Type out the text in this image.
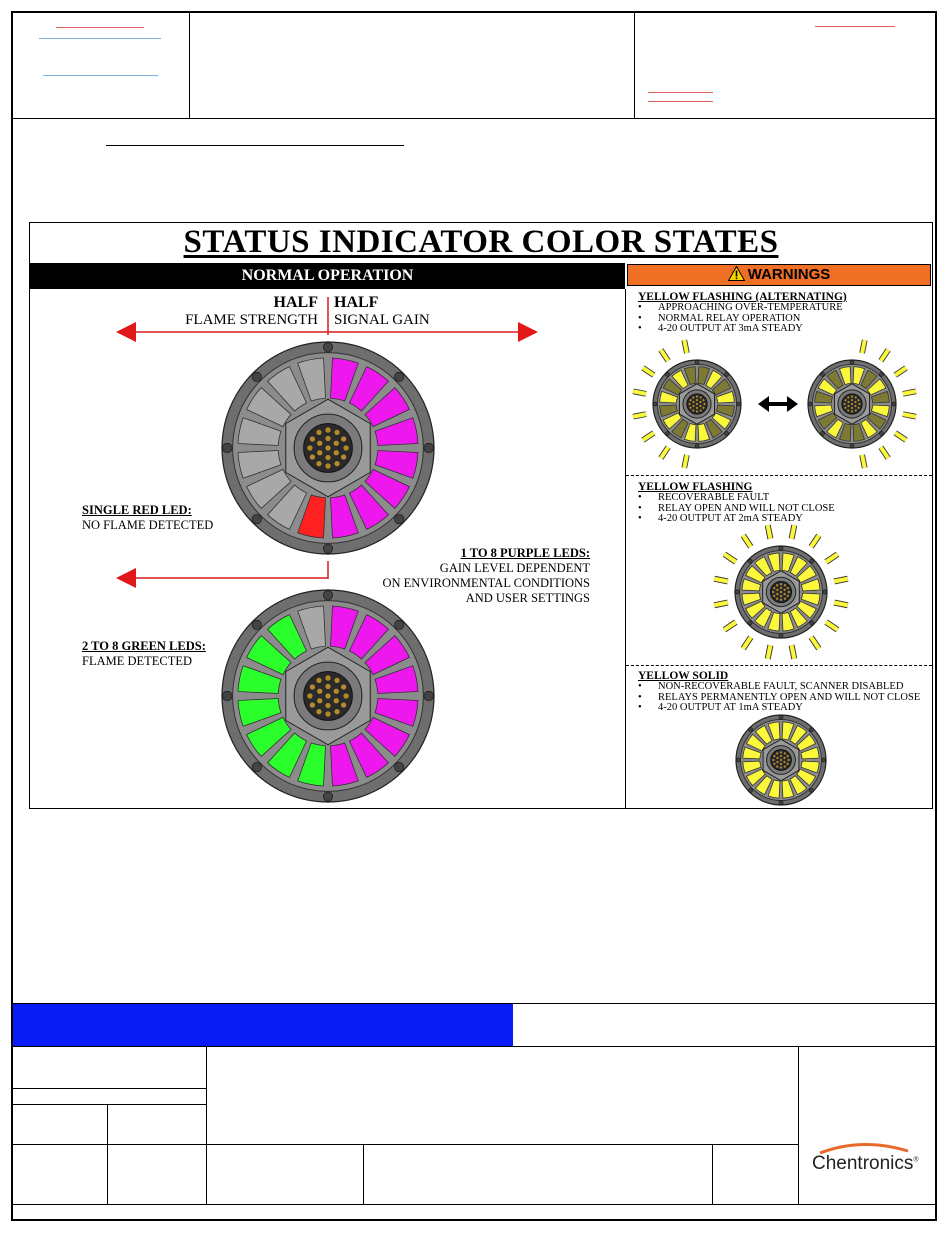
STATUS INDICATOR COLOR STATES
NORMAL OPERATION	WARNINGS
HALF
FLAME STRENGTH
HALF
SIGNAL GAIN
SINGLE RED LED:
NO FLAME DETECTED
1 TO 8 PURPLE LEDS:
GAIN LEVEL DEPENDENT
ON ENVIRONMENTAL CONDITIONS
AND USER SETTINGS
2 TO 8 GREEN LEDS:
FLAME DETECTED
YELLOW FLASHING (ALTERNATING)
• APPROACHING OVER-TEMPERATURE
• NORMAL RELAY OPERATION
• 4-20 OUTPUT AT 3mA STEADY
YELLOW FLASHING
• RECOVERABLE FAULT
• RELAY OPEN AND WILL NOT CLOSE
• 4-20 OUTPUT AT 2mA STEADY
YELLOW SOLID
• NON-RECOVERABLE FAULT, SCANNER DISABLED
• RELAYS PERMANENTLY OPEN AND WILL NOT CLOSE
• 4-20 OUTPUT AT 1mA STEADY
Chentronics®
